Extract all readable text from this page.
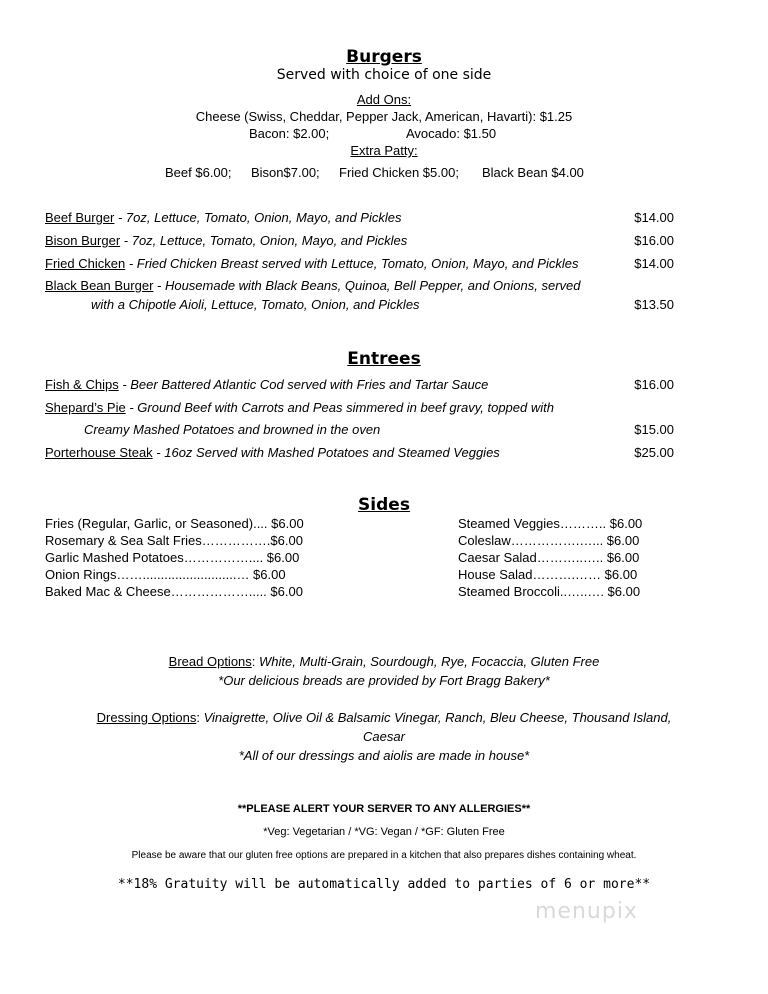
Burgers
Served with choice of one side
Add Ons:
Cheese (Swiss, Cheddar, Pepper Jack, American, Havarti): $1.25
Bacon: $2.00;	Avocado: $1.50
Extra Patty:
Beef $6.00; Bison$7.00; Fried Chicken $5.00; Black Bean $4.00
Beef Burger - 7oz, Lettuce, Tomato, Onion, Mayo, and Pickles	$14.00
Bison Burger - 7oz, Lettuce, Tomato, Onion, Mayo, and Pickles	$16.00
Fried Chicken - Fried Chicken Breast served with Lettuce, Tomato, Onion, Mayo, and Pickles	$14.00
Black Bean Burger - Housemade with Black Beans, Quinoa, Bell Pepper, and Onions, served
with a Chipotle Aioli, Lettuce, Tomato, Onion, and Pickles	$13.50
Entrees
Fish & Chips - Beer Battered Atlantic Cod served with Fries and Tartar Sauce	$16.00
Shepard’s Pie - Ground Beef with Carrots and Peas simmered in beef gravy, topped with
Creamy Mashed Potatoes and browned in the oven	$15.00
Porterhouse Steak - 16oz Served with Mashed Potatoes and Steamed Veggies	$25.00
Sides
Fries (Regular, Garlic, or Seasoned).... $6.00
Rosemary & Sea Salt Fries…………….$6.00
Garlic Mashed Potatoes…………….... $6.00
Onion Rings……..........................… $6.00
Baked Mac & Cheese………………..... $6.00
Steamed Veggies……….. $6.00
Coleslaw…………….…... $6.00
Caesar Salad………..….. $6.00
House Salad……….…… $6.00
Steamed Broccoli..…..…. $6.00
Bread Options: White, Multi-Grain, Sourdough, Rye, Focaccia, Gluten Free
*Our delicious breads are provided by Fort Bragg Bakery*
Dressing Options: Vinaigrette, Olive Oil & Balsamic Vinegar, Ranch, Bleu Cheese, Thousand Island,
Caesar
*All of our dressings and aiolis are made in house*
**PLEASE ALERT YOUR SERVER TO ANY ALLERGIES**
*Veg: Vegetarian / *VG: Vegan / *GF: Gluten Free
Please be aware that our gluten free options are prepared in a kitchen that also prepares dishes containing wheat.
**18% Gratuity will be automatically added to parties of 6 or more**
menupix
